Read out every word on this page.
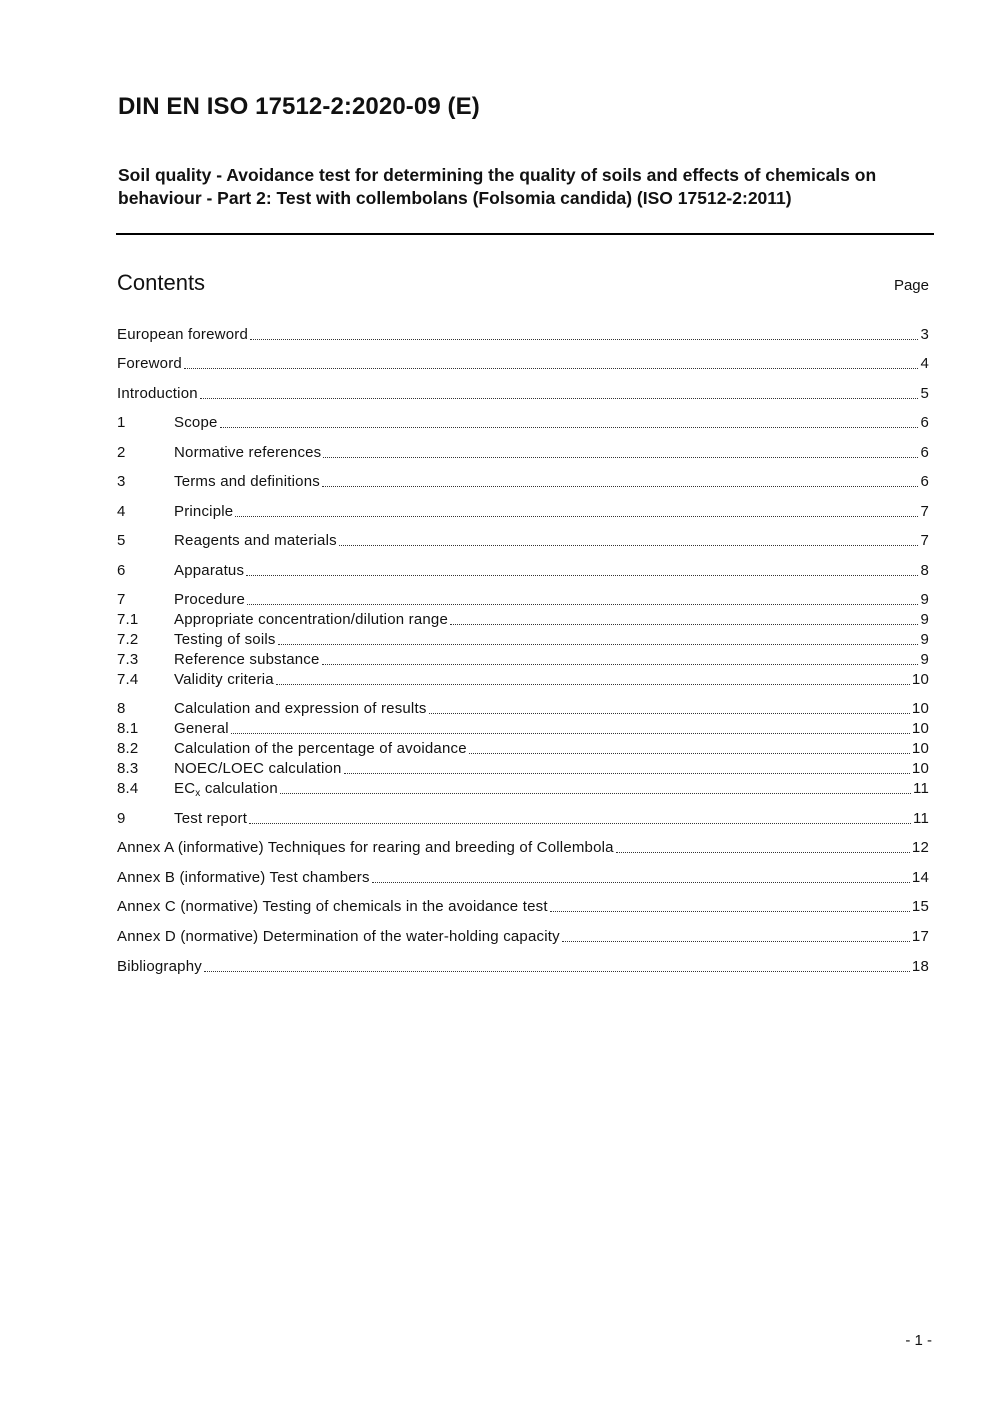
DIN EN ISO 17512-2:2020-09 (E)
Soil quality - Avoidance test for determining the quality of soils and effects of chemicals on behaviour - Part 2: Test with collembolans (Folsomia candida) (ISO 17512-2:2011)
Contents	Page
European foreword	3
Foreword	4
Introduction	5
1	Scope	6
2	Normative references	6
3	Terms and definitions	6
4	Principle	7
5	Reagents and materials	7
6	Apparatus	8
7	Procedure	9
7.1	Appropriate concentration/dilution range	9
7.2	Testing of soils	9
7.3	Reference substance	9
7.4	Validity criteria	10
8	Calculation and expression of results	10
8.1	General	10
8.2	Calculation of the percentage of avoidance	10
8.3	NOEC/LOEC calculation	10
8.4	$EC_x$ calculation	11
9	Test report	11
Annex A (informative) Techniques for rearing and breeding of Collembola	12
Annex B (informative) Test chambers	14
Annex C (normative) Testing of chemicals in the avoidance test	15
Annex D (normative) Determination of the water-holding capacity	17
Bibliography	18
- 1 -
